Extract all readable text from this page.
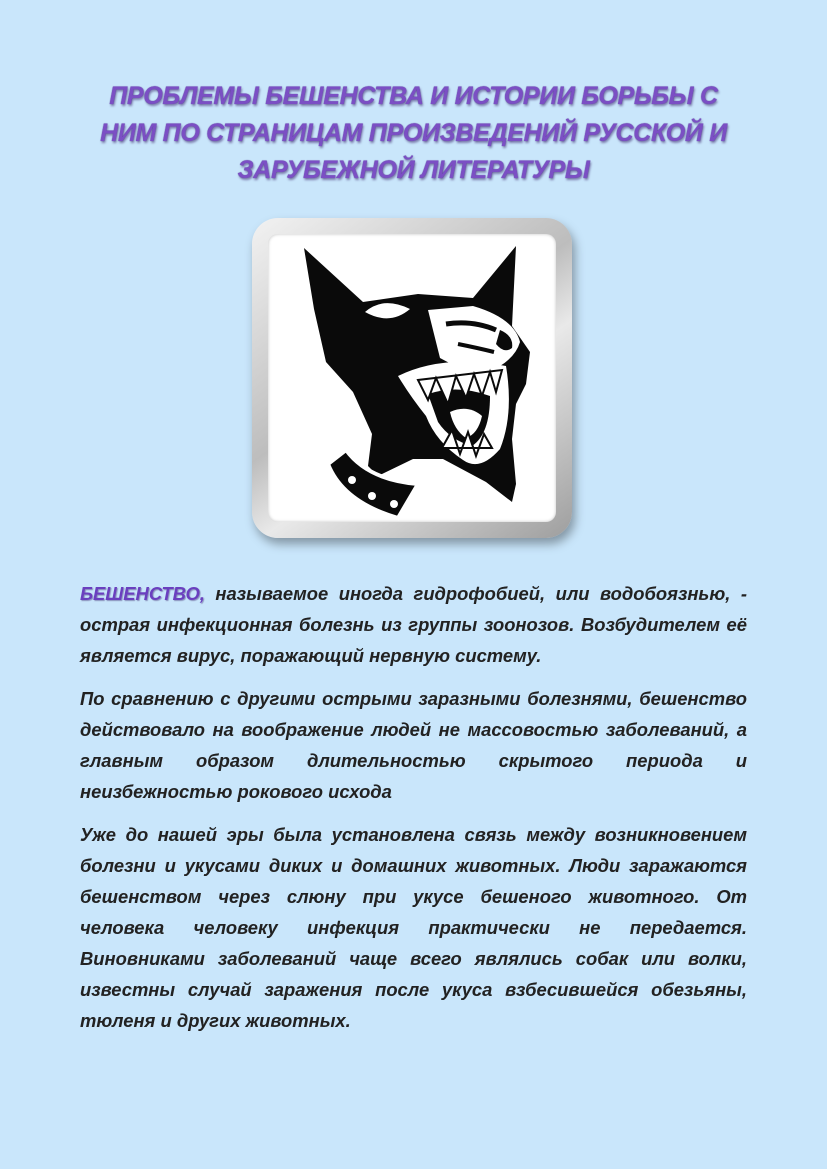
ПРОБЛЕМЫ БЕШЕНСТВА И ИСТОРИИ БОРЬБЫ С НИМ ПО СТРАНИЦАМ ПРОИЗВЕДЕНИЙ РУССКОЙ И ЗАРУБЕЖНОЙ ЛИТЕРАТУРЫ

БЕШЕНСТВО, называемое иногда гидрофобией, или водобоязнью, - острая инфекционная болезнь из группы зоонозов. Возбудителем её является вирус, поражающий нервную систему.

По сравнению с другими острыми заразными болезнями, бешенство действовало на воображение людей не массовостью заболеваний, а главным образом длительностью скрытого периода и неизбежностью рокового исхода

Уже до нашей эры была установлена связь между возникновением болезни и укусами диких и домашних животных. Люди заражаются бешенством через слюну при укусе бешеного животного. От человека человеку инфекция практически не передается. Виновниками заболеваний чаще всего являлись собак или волки, известны случай заражения после укуса взбесившейся обезьяны, тюленя и других животных.
